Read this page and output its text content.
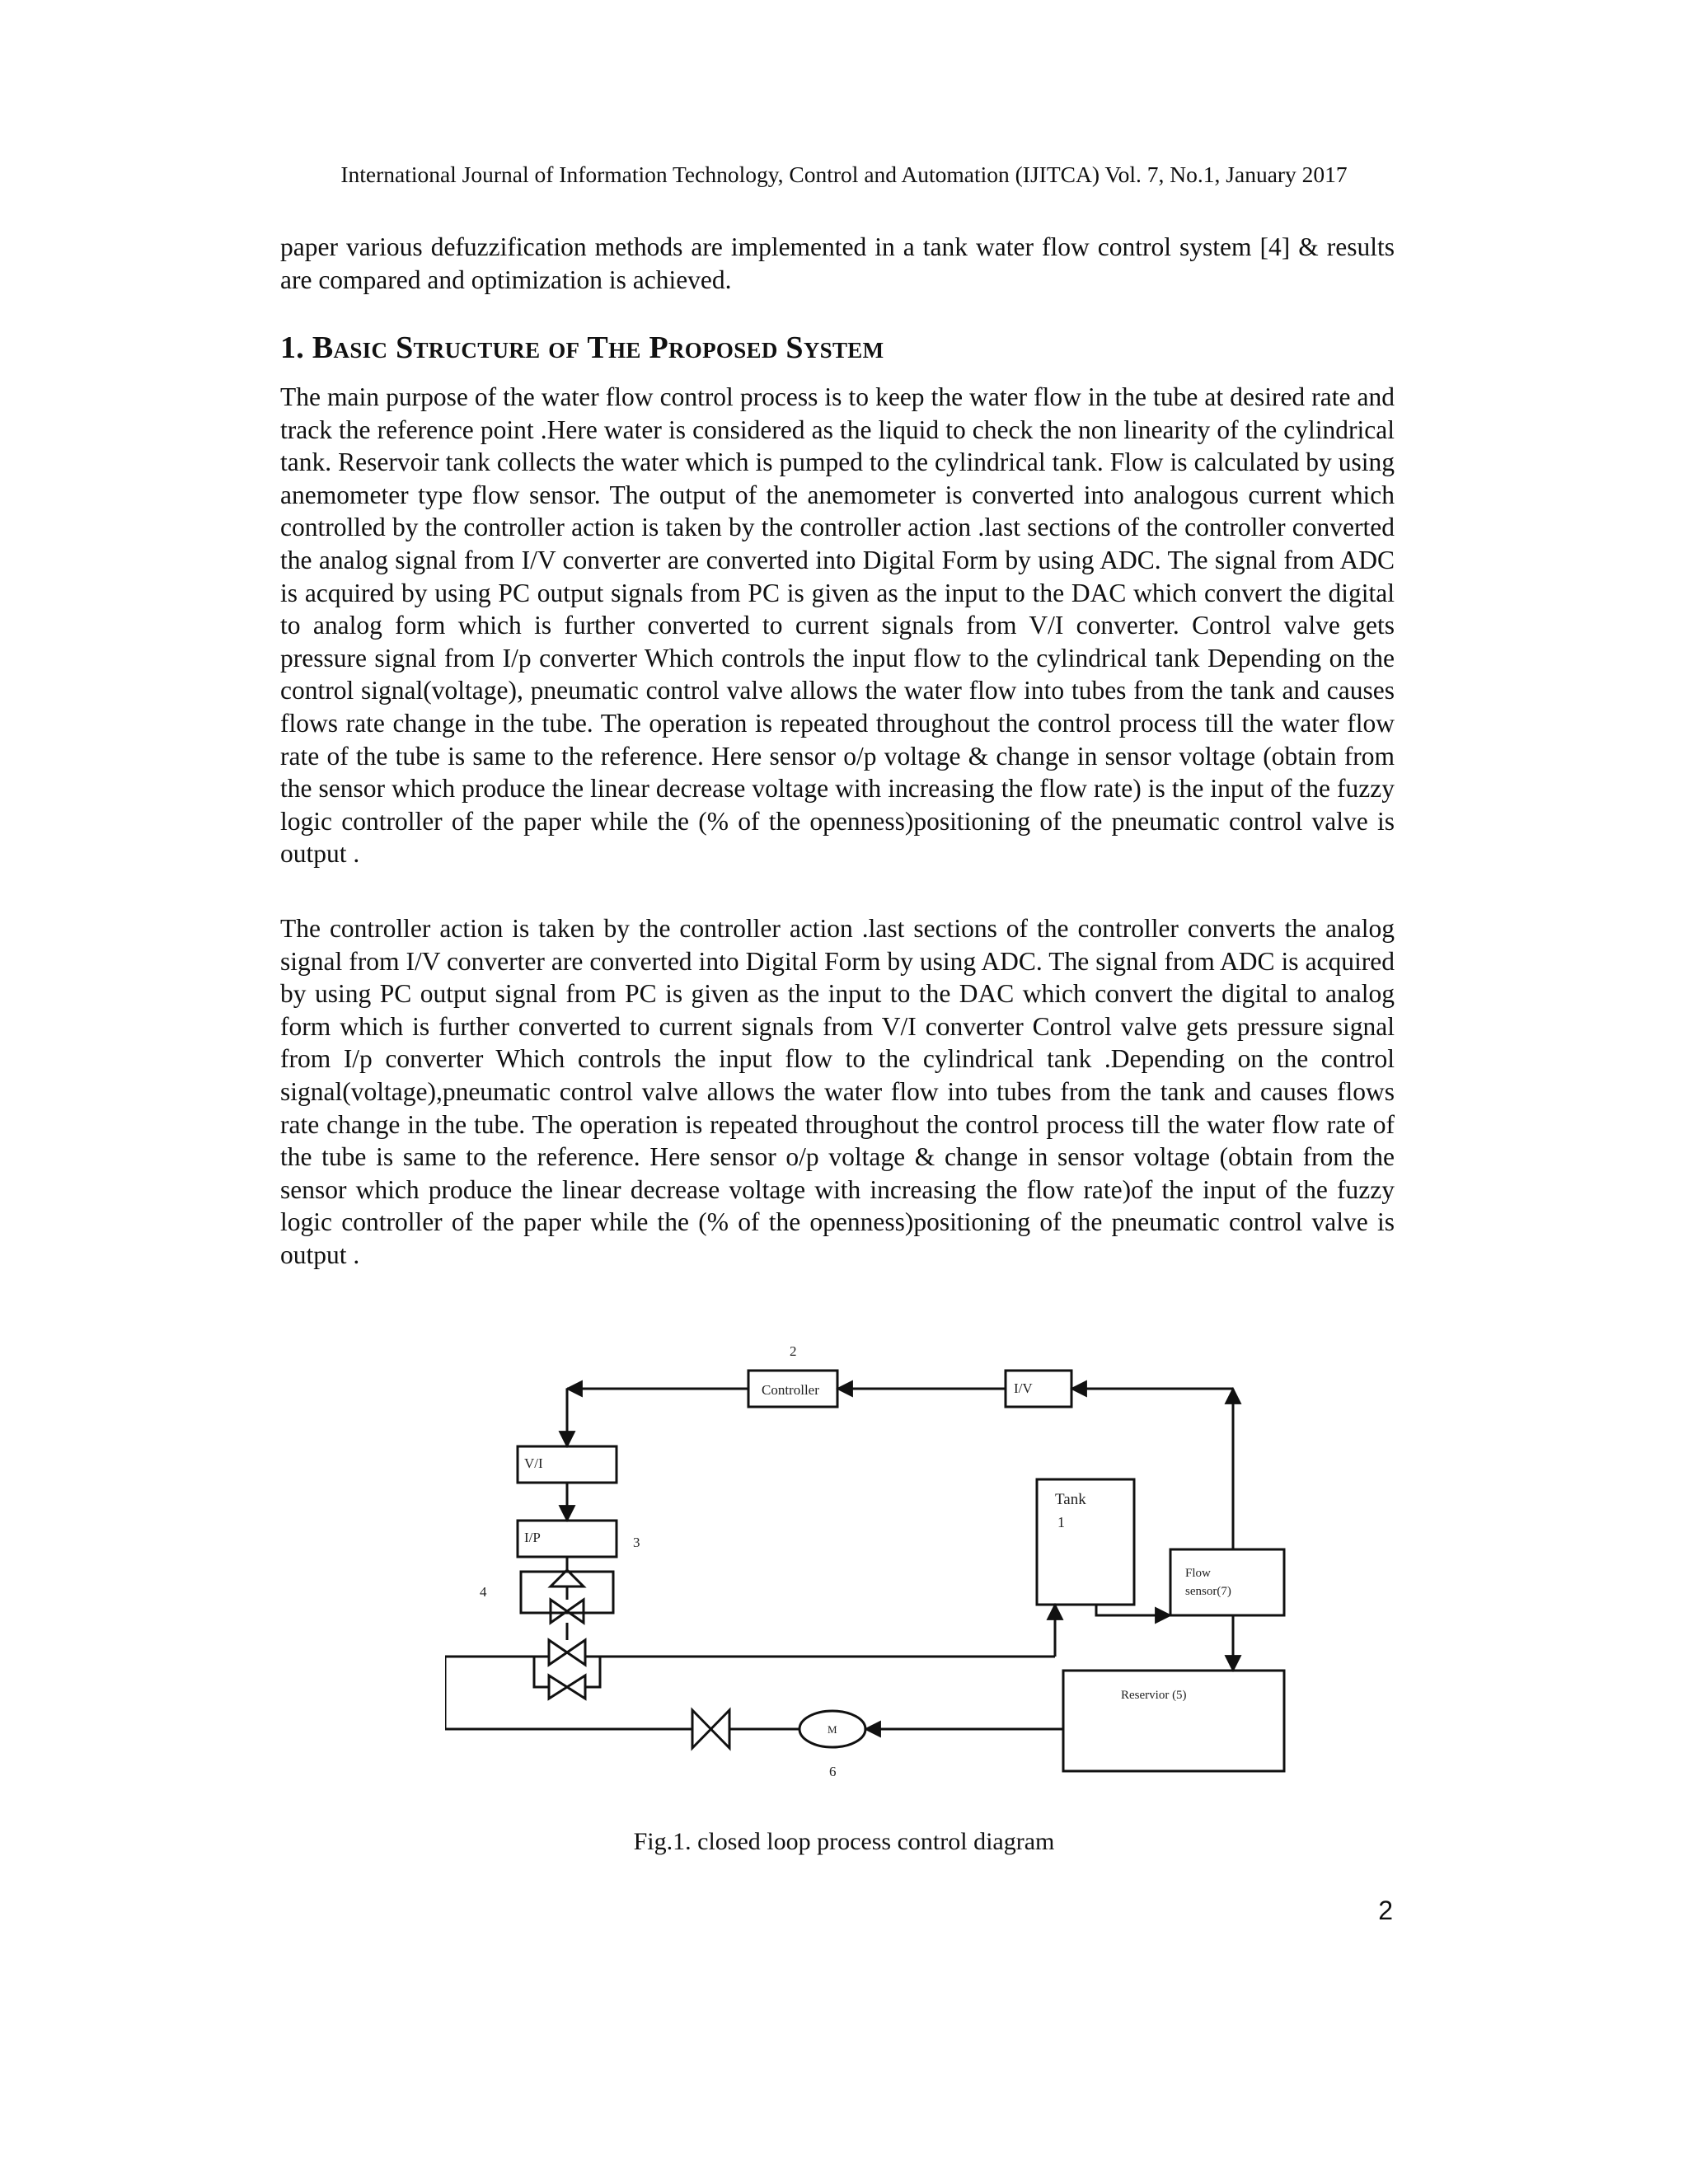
International Journal of Information Technology, Control and Automation (IJITCA) Vol. 7, No.1, January 2017

paper various defuzzification methods are implemented in a tank water flow control system [4] & results are compared and optimization is achieved.

1. Basic Structure of The Proposed System

The main purpose of the water flow control process is to keep the water flow in the tube at desired rate and track the reference point .Here water is considered as the liquid to check the non linearity of the cylindrical tank. Reservoir tank collects the water which is pumped to the cylindrical tank. Flow is calculated by using anemometer type flow sensor. The output of the anemometer is converted into analogous current which controlled by the controller action is taken by the controller action .last sections of the controller converted the analog signal from I/V converter are converted into Digital Form by using ADC. The signal from ADC is acquired by using PC output signals from PC is given as the input to the DAC which convert the digital to analog form which is further converted to current signals from V/I converter. Control valve gets pressure signal from I/p converter Which controls the input flow to the cylindrical tank Depending on the control signal(voltage), pneumatic control valve allows the water flow into tubes from the tank and causes flows rate change in the tube. The operation is repeated throughout the control process till the water flow rate of the tube is same to the reference. Here sensor o/p voltage & change in sensor voltage (obtain from the sensor which produce the linear decrease voltage with increasing the flow rate) is the input of the fuzzy logic controller of the paper while the (% of the openness)positioning of the pneumatic control valve is output .

The controller action is taken by the controller action .last sections of the controller converts the analog signal from I/V converter are converted into Digital Form by using ADC. The signal from ADC is acquired by using PC output signal from PC is given as the input to the DAC which convert the digital to analog form which is further converted to current signals from V/I converter Control valve gets pressure signal from I/p converter Which controls the input flow to the cylindrical tank .Depending on the control signal(voltage),pneumatic control valve allows the water flow into tubes from the tank and causes flows rate change in the tube. The operation is repeated throughout the control process till the water flow rate of the tube is same to the reference. Here sensor o/p voltage & change in sensor voltage (obtain from the sensor which produce the linear decrease voltage with increasing the flow rate)of the input of the fuzzy logic controller of the paper while the (% of the openness)positioning of the pneumatic control valve is output .

Controller	I/V
V/I
I/P
Tank
1
Flow
sensor(7)
Reservior (5)
M
2
3
4
6
Fig.1. closed loop process control diagram
2
